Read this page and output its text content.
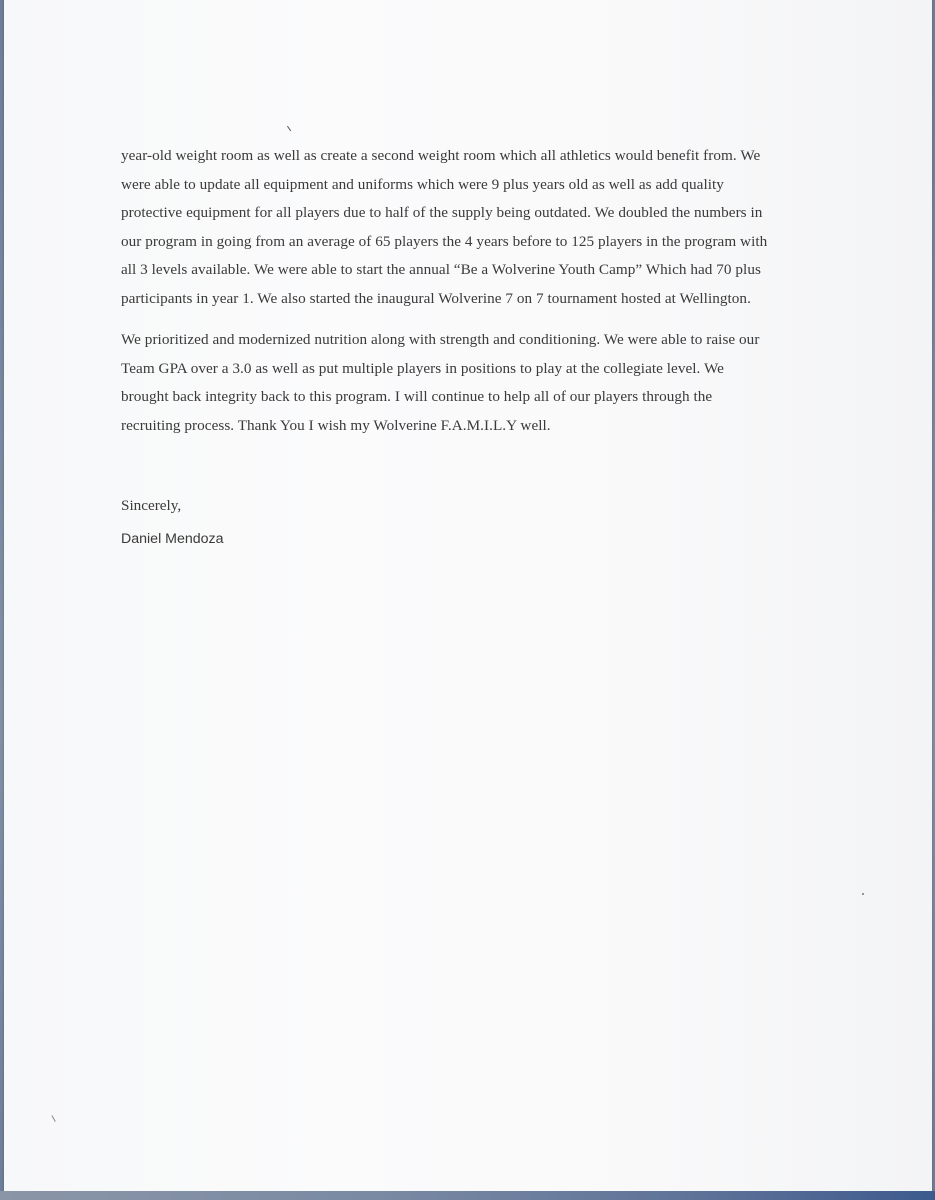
year-old weight room as well as create a second weight room which all athletics would benefit from. We
were able to update all equipment and uniforms which were 9 plus years old as well as add quality
protective equipment for all players due to half of the supply being outdated. We doubled the numbers in
our program in going from an average of 65 players the 4 years before to 125 players in the program with
all 3 levels available. We were able to start the annual “Be a Wolverine Youth Camp” Which had 70 plus
participants in year 1. We also started the inaugural Wolverine 7 on 7 tournament hosted at Wellington.
We prioritized and modernized nutrition along with strength and conditioning. We were able to raise our
Team GPA over a 3.0 as well as put multiple players in positions to play at the collegiate level. We
brought back integrity back to this program. I will continue to help all of our players through the
recruiting process. Thank You I wish my Wolverine F.A.M.I.L.Y well.
Sincerely,
Daniel Mendoza
